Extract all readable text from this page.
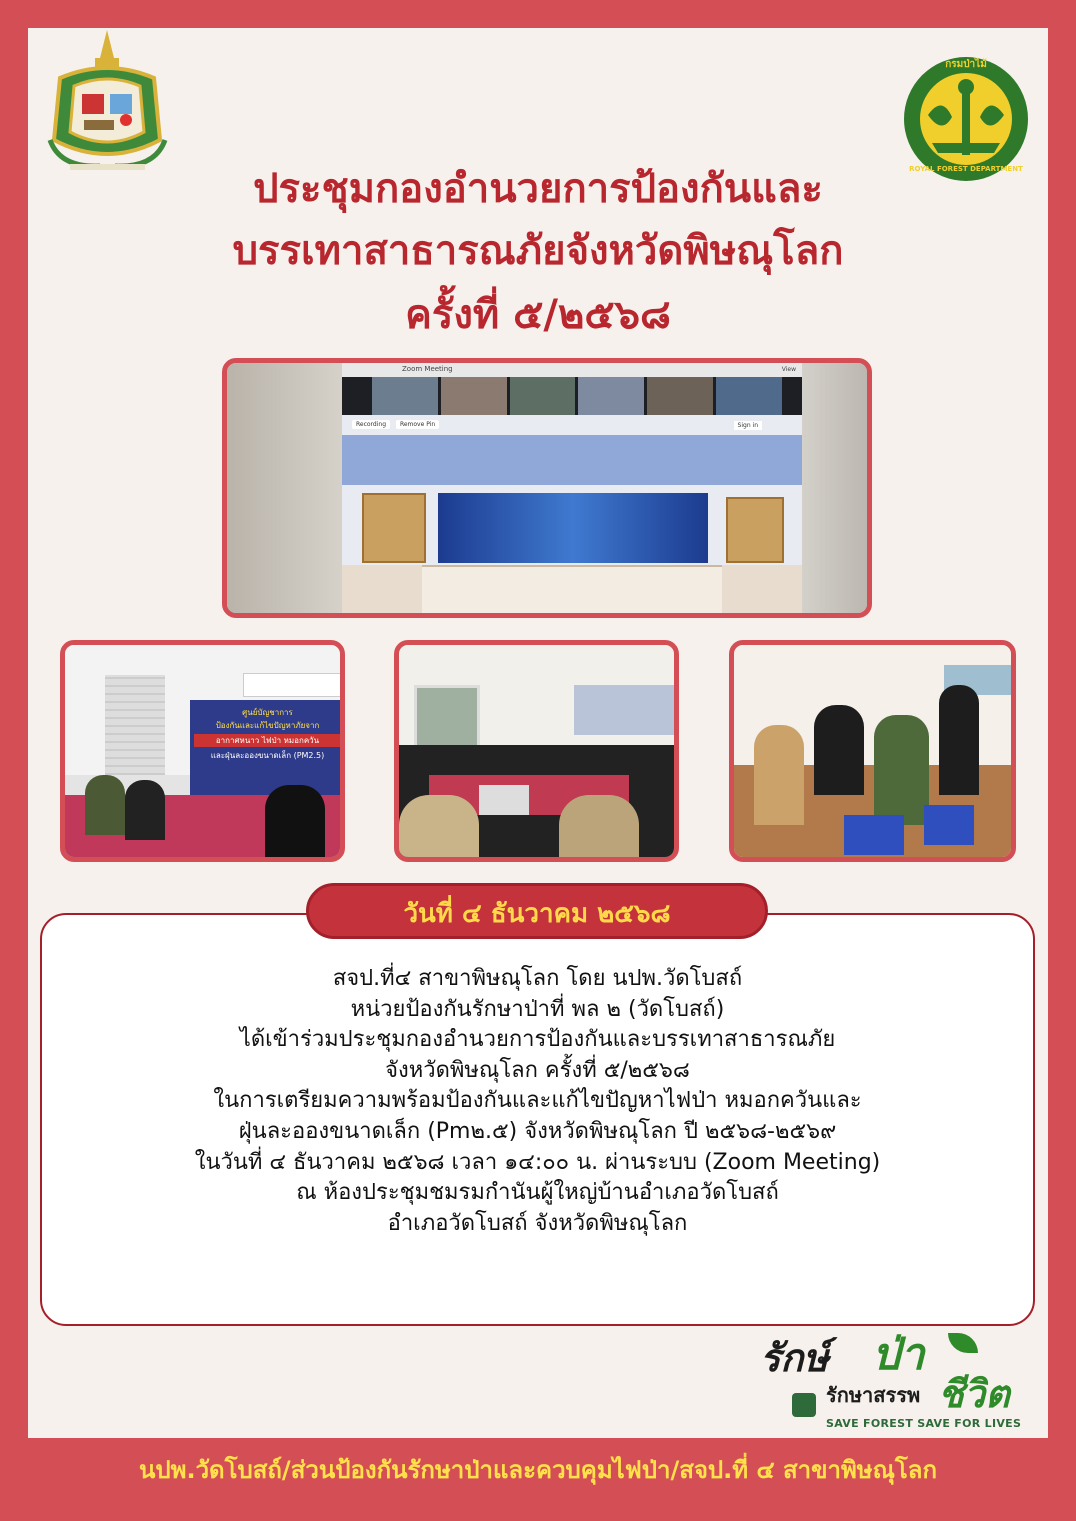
กรมป่าไม้
ROYAL FOREST DEPARTMENT
ประชุมกองอำนวยการป้องกันและ
บรรเทาสาธารณภัยจังหวัดพิษณุโลก
ครั้งที่ ๕/๒๕๖๘
Zoom Meeting	View
Recording Remove Pin	Sign in
ศูนย์บัญชาการ
ป้องกันและแก้ไขปัญหาภัยจาก
อากาศหนาว ไฟป่า หมอกควัน
และฝุ่นละอองขนาดเล็ก (PM2.5)
วันที่ ๔ ธันวาคม ๒๕๖๘
สจป.ที่๔ สาขาพิษณุโลก โดย นปพ.วัดโบสถ์
หน่วยป้องกันรักษาป่าที่ พล ๒ (วัดโบสถ์)
ได้เข้าร่วมประชุมกองอำนวยการป้องกันและบรรเทาสาธารณภัย
จังหวัดพิษณุโลก ครั้งที่ ๕/๒๕๖๘
ในการเตรียมความพร้อมป้องกันและแก้ไขปัญหาไฟป่า หมอกควันและ
ฝุ่นละอองขนาดเล็ก (Pm๒.๕) จังหวัดพิษณุโลก ปี ๒๕๖๘-๒๕๖๙
ในวันที่ ๔ ธันวาคม ๒๕๖๘ เวลา ๑๔:๐๐ น. ผ่านระบบ (Zoom Meeting)
ณ ห้องประชุมชมรมกำนันผู้ใหญ่บ้านอำเภอวัดโบสถ์
อำเภอวัดโบสถ์ จังหวัดพิษณุโลก
รักษ์ ป่า
รักษาสรรพ ชีวิต
SAVE FOREST SAVE FOR LIVES
นปพ.วัดโบสถ์/ส่วนป้องกันรักษาป่าและควบคุมไฟป่า/สจป.ที่ ๔ สาขาพิษณุโลก
